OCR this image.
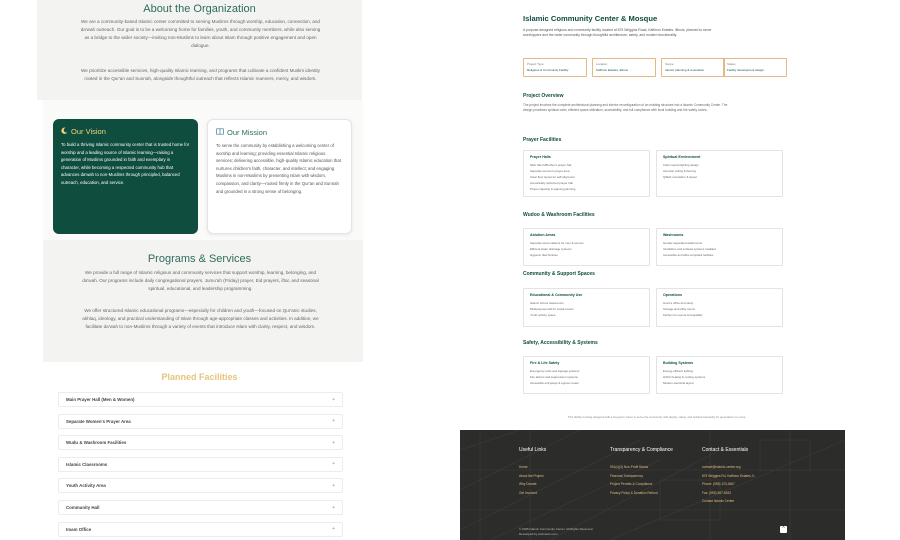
About the Organization

We are a community-based Islamic center committed to serving Muslims through worship, education, connection, and da'wah outreach. Our goal is to be a welcoming home for families, youth, and community members, while also serving as a bridge to the wider society—inviting non-Muslims to learn about Islam through positive engagement and open dialogue.

We prioritize accessible services, high-quality Islamic learning, and programs that cultivate a confident Muslim identity rooted in the Qur'an and Sunnah, alongside thoughtful outreach that reflects Islamic manners, mercy, and wisdom.

Our Vision

To build a thriving Islamic community center that is trusted home for worship and a leading source of Islamic learning—raising a generation of Muslims grounded in faith and exemplary in character, while becoming a respected community hub that advances da'wah to non-Muslims through principled, balanced outreach, education, and service.

Our Mission

To serve the community by establishing a welcoming center of worship and learning; providing essential Islamic religious services; delivering accessible, high-quality Islamic education that nurtures children's faith, character, and intellect; and engaging Muslims in non-Muslims by presenting Islam with wisdom, compassion, and clarity—rooted firmly in the Qur'an and Sunnah and grounded in a strong sense of belonging.

Programs & Services

We provide a full range of Islamic religious and community services that support worship, learning, belonging, and da'wah. Our programs include daily congregational prayers, Jumu'ah (Friday) prayer, Eid prayers, iftar, and seasonal spiritual, educational, and leadership programming.

We offer structured Islamic educational programs—especially for children and youth—focused on Qur'anic studies, akhlaq, ideology, and practical understanding of Islam through age-appropriate classes and activities. In addition, we facilitate da'wah to non-Muslims through a variety of events that introduce Islam with clarity, respect, and wisdom.

Planned Facilities
Main Prayer Hall (Men & Women)	+
Separate Women's Prayer Area	+
Wudu & Washroom Facilities	+
Islamic Classrooms	+
Youth Activity Area	+
Community Hall	+
Imam Office	+
Islamic Community Center & Mosque

A purpose-designed religious and community facility located at 875 Wriggins Road, Kaffmon Estates, Illinois, planned to serve worshippers and the wider community through thoughtful architecture, safety, and modern functionality.

Project Type
Religious & Community Facility
Location
Kaffmon Estates, Illinois
Scope
Interior planning & renovation
Status
Facility development design
Project Overview

The project involves the complete architectural planning and interior reconfiguration of an existing structure into a Islamic Community Center. The design prioritizes spiritual calm, efficient space utilization, accessibility, and full compliance with local building and fire safety codes.

Prayer Facilities
Wudoo & Washroom Facilities
Community & Support Spaces
Safety, Accessibility & Systems
Prayer Halls
Main Men's/Brother's prayer hall
Separate women's prayer area
Clear floor layout for saff alignment
Acoustically optimized prayer hall
Proper capacity & spacing planning
Spiritual Environment
Calm natural lighting design
Acoustic ceiling & flooring
Qiblah orientation & layout
Ablution Areas
Separate wudu stations for men & women
Efficient water drainage systems
Hygienic tiled finishes
Washrooms
Gender-separated washrooms
Ventilation and exhaust systems installed
Accessible and ADA-compliant facilities
Educational & Community Use
Islamic school classrooms
Multipurpose hall for social events
Youth activity space
Operations
Imam's office and study
Storage and utility rooms
Kitchen for events & hospitality
Fire & Life Safety
Emergency exits and signage systems
Fire alarms and suppression systems
Accessible entryways & egress routes
Building Systems
Energy-efficient lighting
HVAC heating & cooling systems
Modern electrical layout

This facility is being designed with a long-term vision to serve the community with dignity, safety, and spiritual tranquility for generations to come.

Useful Links
Home
About the Project
Why Donate
Get Involved
Transparency & Compliance
501(c)(3) Non-Profit Status
Financial Transparency
Project Permits & Compliance
Privacy Policy & Donation Refund
Contact & Essentials
contact@islamic-center.org
875 Wriggins Rd, Kaffmon Estates, IL
Phone: (555) 123-4567
Fax: (555) 987-6543
Contact Islamic Center
© 2025 Islamic Community Center. All Rights Reserved.
Developed by web-team.com
^
